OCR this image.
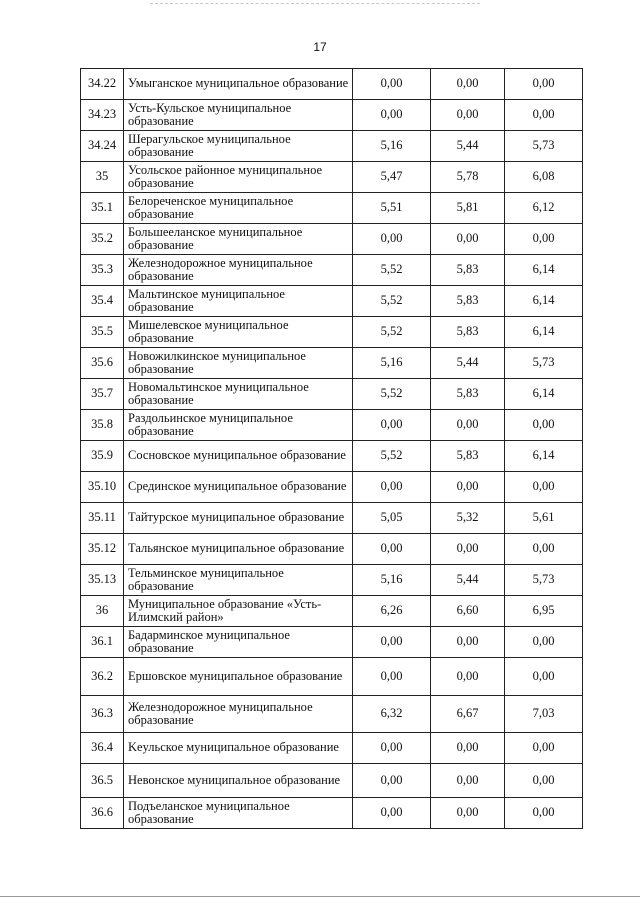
17
34.22	Умыганское муниципальное образование	0,00	0,00	0,00
34.23	Усть-Кульское муниципальное образование	0,00	0,00	0,00
34.24	Шерагульское муниципальное образование	5,16	5,44	5,73
35	Усольское районное муниципальное образование	5,47	5,78	6,08
35.1	Белореченское муниципальное образование	5,51	5,81	6,12
35.2	Большееланское муниципальное образование	0,00	0,00	0,00
35.3	Железнодорожное муниципальное образование	5,52	5,83	6,14
35.4	Мальтинское муниципальное образование	5,52	5,83	6,14
35.5	Мишелевское муниципальное образование	5,52	5,83	6,14
35.6	Новожилкинское муниципальное образование	5,16	5,44	5,73
35.7	Новомальтинское муниципальное образование	5,52	5,83	6,14
35.8	Раздольинское муниципальное образование	0,00	0,00	0,00
35.9	Сосновское муниципальное образование	5,52	5,83	6,14
35.10	Срединское муниципальное образование	0,00	0,00	0,00
35.11	Тайтурское муниципальное образование	5,05	5,32	5,61
35.12	Тальянское муниципальное образование	0,00	0,00	0,00
35.13	Тельминское муниципальное образование	5,16	5,44	5,73
36	Муниципальное образование «Усть-Илимский район»	6,26	6,60	6,95
36.1	Бадарминское муниципальное образование	0,00	0,00	0,00
36.2	Ершовское муниципальное образование	0,00	0,00	0,00
36.3	Железнодорожное муниципальное образование	6,32	6,67	7,03
36.4	Keульское муниципальное образование	0,00	0,00	0,00
36.5	Невонское муниципальное образование	0,00	0,00	0,00
36.6	Подъеланское муниципальное образование	0,00	0,00	0,00
